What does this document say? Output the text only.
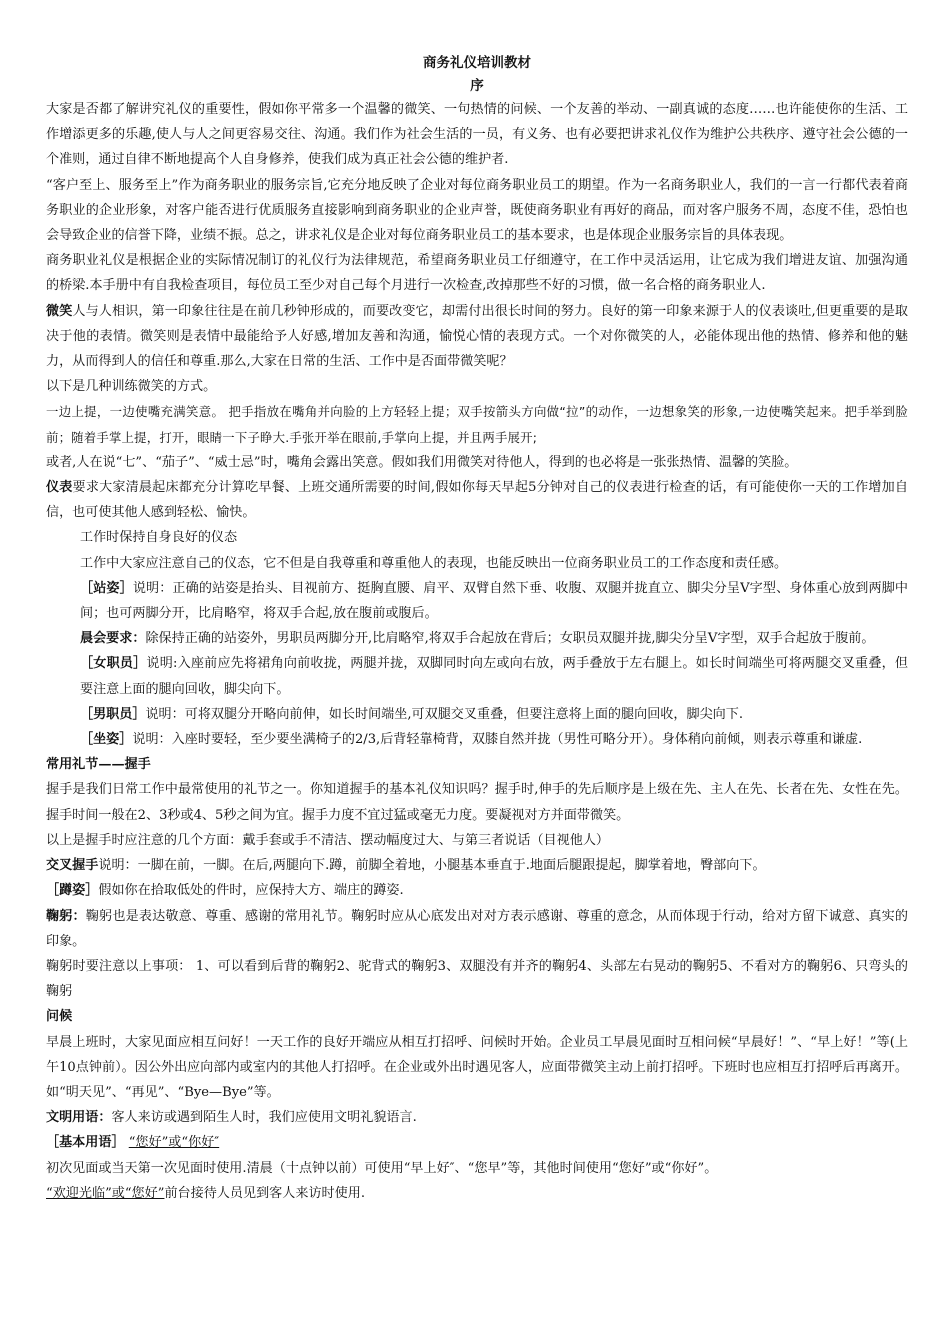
商务礼仪培训教材

序

大家是否都了解讲究礼仪的重要性，假如你平常多一个温馨的微笑、一句热情的问候、一个友善的举动、一副真诚的态度……也许能使你的生活、工作增添更多的乐趣,使人与人之间更容易交往、沟通。我们作为社会生活的一员，有义务、也有必要把讲求礼仪作为维护公共秩序、遵守社会公德的一个准则，通过自律不断地提高个人自身修养，使我们成为真正社会公德的维护者.

“客户至上、服务至上”作为商务职业的服务宗旨,它充分地反映了企业对每位商务职业员工的期望。作为一名商务职业人，我们的一言一行都代表着商务职业的企业形象，对客户能否进行优质服务直接影响到商务职业的企业声誉，既使商务职业有再好的商品，而对客户服务不周，态度不佳，恐怕也会导致企业的信誉下降，业绩不振。总之，讲求礼仪是企业对每位商务职业员工的基本要求，也是体现企业服务宗旨的具体表现。

商务职业礼仪是根据企业的实际情况制订的礼仪行为法律规范，希望商务职业员工仔细遵守，在工作中灵活运用，让它成为我们增进友谊、加强沟通的桥梁.本手册中有自我检查项目，每位员工至少对自己每个月进行一次检查,改掉那些不好的习惯，做一名合格的商务职业人.

微笑人与人相识，第一印象往往是在前几秒钟形成的，而要改变它，却需付出很长时间的努力。良好的第一印象来源于人的仪表谈吐,但更重要的是取决于他的表情。微笑则是表情中最能给予人好感,增加友善和沟通，愉悦心情的表现方式。一个对你微笑的人，必能体现出他的热情、修养和他的魅力，从而得到人的信任和尊重.那么,大家在日常的生活、工作中是否面带微笑呢？

以下是几种训练微笑的方式。

一边上提，一边使嘴充满笑意。 把手指放在嘴角并向脸的上方轻轻上提；双手按箭头方向做“拉”的动作，一边想象笑的形象,一边使嘴笑起来。把手举到脸前；随着手掌上提，打开，眼睛一下子睁大.手张开举在眼前,手掌向上提，并且两手展开;

或者,人在说“七”、“茄子”、“威士忌”时，嘴角会露出笑意。假如我们用微笑对待他人，得到的也必将是一张张热情、温馨的笑脸。

仪表要求大家清晨起床都充分计算吃早餐、上班交通所需要的时间,假如你每天早起5分钟对自己的仪表进行检查的话，有可能使你一天的工作增加自信，也可使其他人感到轻松、愉快。

工作时保持自身良好的仪态

工作中大家应注意自己的仪态，它不但是自我尊重和尊重他人的表现，也能反映出一位商务职业员工的工作态度和责任感。

［站姿］说明：正确的站姿是抬头、目视前方、挺胸直腰、肩平、双臂自然下垂、收腹、双腿并拢直立、脚尖分呈V字型、身体重心放到两脚中间；也可两脚分开，比肩略窄，将双手合起,放在腹前或腹后。

晨会要求：除保持正确的站姿外，男职员两脚分开,比肩略窄,将双手合起放在背后；女职员双腿并拢,脚尖分呈V字型，双手合起放于腹前。

［女职员］说明:入座前应先将裙角向前收拢，两腿并拢，双脚同时向左或向右放，两手叠放于左右腿上。如长时间端坐可将两腿交叉重叠，但要注意上面的腿向回收，脚尖向下。

［男职员］说明：可将双腿分开略向前伸，如长时间端坐,可双腿交叉重叠，但要注意将上面的腿向回收，脚尖向下.

［坐姿］说明：入座时要轻，至少要坐满椅子的2/3,后背轻靠椅背，双膝自然并拢（男性可略分开）。身体稍向前倾，则表示尊重和谦虚.

常用礼节——握手

握手是我们日常工作中最常使用的礼节之一。你知道握手的基本礼仪知识吗？握手时,伸手的先后顺序是上级在先、主人在先、长者在先、女性在先。握手时间一般在2、3秒或4、5秒之间为宜。握手力度不宜过猛或毫无力度。要凝视对方并面带微笑。

以上是握手时应注意的几个方面：戴手套或手不清洁、摆动幅度过大、与第三者说话（目视他人）

交叉握手说明：一脚在前，一脚。在后,两腿向下.蹲，前脚全着地，小腿基本垂直于.地面后腿跟提起，脚掌着地，臀部向下。

［蹲姿］假如你在拾取低处的件时，应保持大方、端庄的蹲姿.

鞠躬：鞠躬也是表达敬意、尊重、感谢的常用礼节。鞠躬时应从心底发出对对方表示感谢、尊重的意念，从而体现于行动，给对方留下诚意、真实的印象。

鞠躬时要注意以上事项： 1、可以看到后背的鞠躬2、驼背式的鞠躬3、双腿没有并齐的鞠躬4、头部左右晃动的鞠躬5、不看对方的鞠躬6、只弯头的鞠躬

问候

早晨上班时，大家见面应相互问好！一天工作的良好开端应从相互打招呼、问候时开始。企业员工早晨见面时互相问候“早晨好！”、“早上好！”等(上午10点钟前）。因公外出应向部内或室内的其他人打招呼。在企业或外出时遇见客人，应面带微笑主动上前打招呼。下班时也应相互打招呼后再离开。如“明天见”、“再见”、“Bye—Bye”等。

文明用语：客人来访或遇到陌生人时，我们应使用文明礼貌语言.

［基本用语］ “您好”或“你好″

初次见面或当天第一次见面时使用.清晨（十点钟以前）可使用“早上好″、“您早”等，其他时间使用“您好”或“你好”。

“欢迎光临”或“您好”前台接待人员见到客人来访时使用.
